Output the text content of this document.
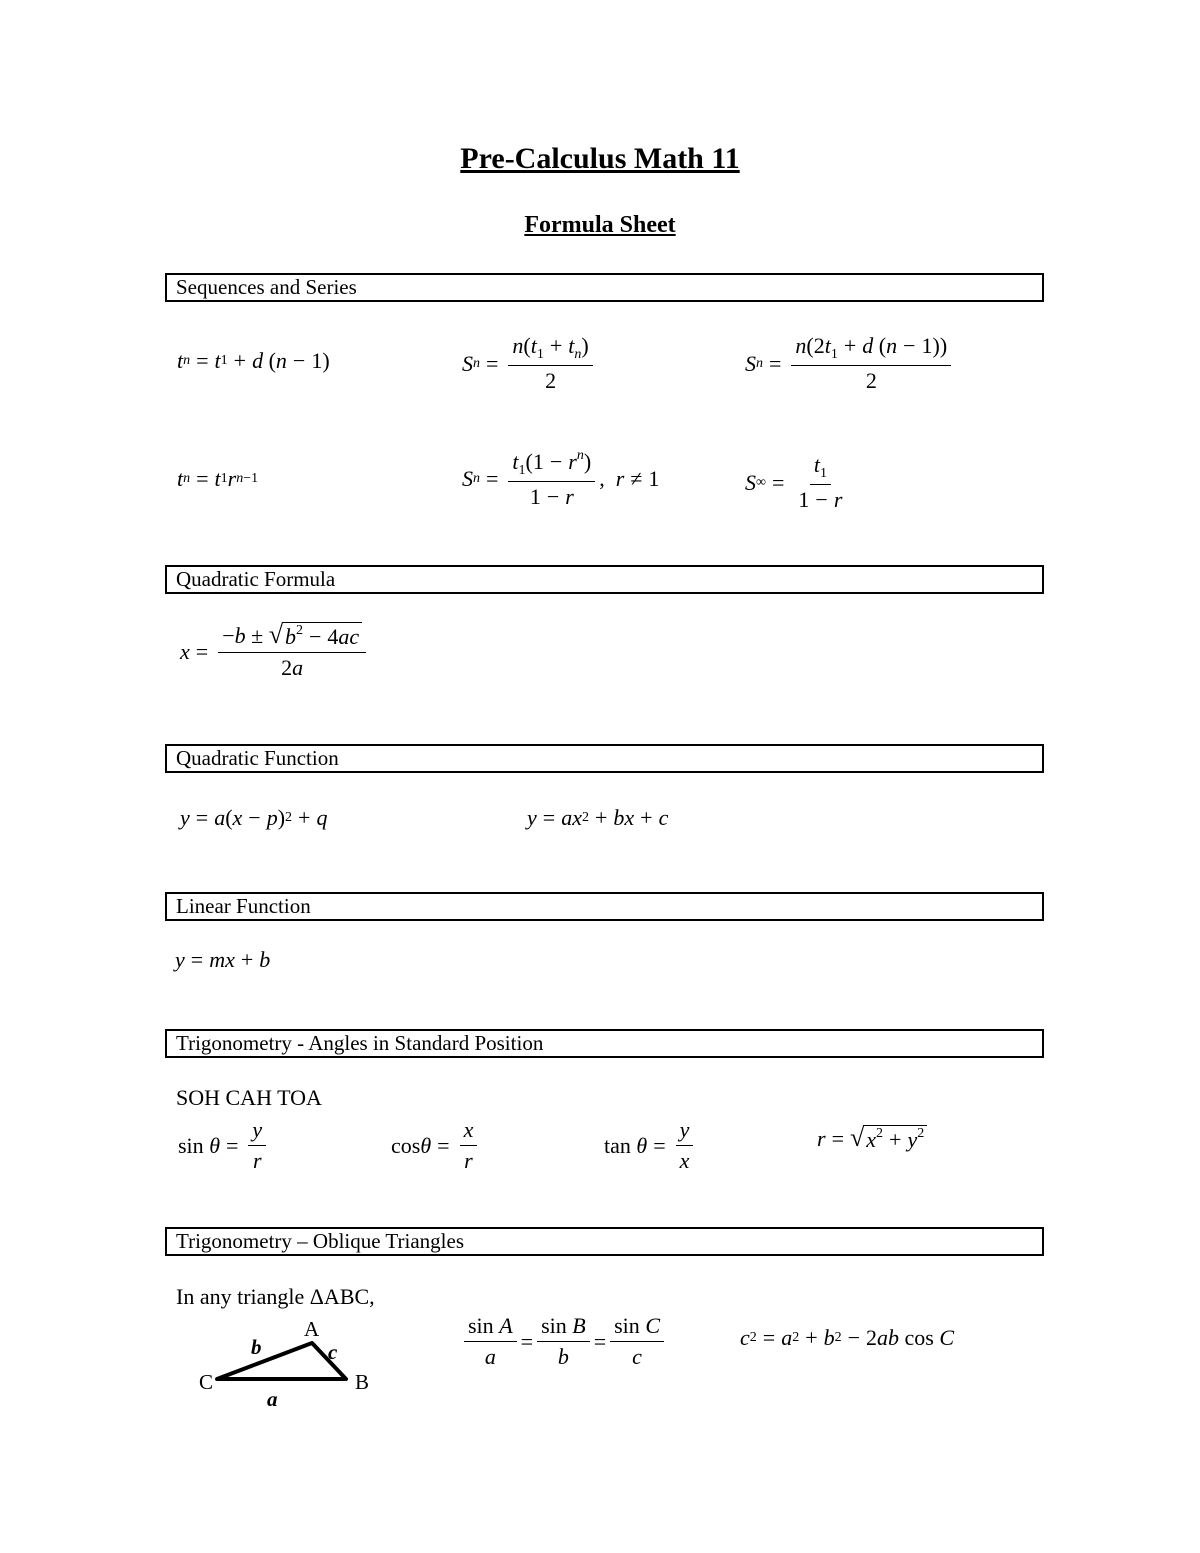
Pre-Calculus Math 11
Formula Sheet
Sequences and Series
t n = t 1 + d ( n − 1)	S $n = \frac{n(t_1 + t_n)}{2}$	S $n = \frac{n(2t_1 + d (n - 1))}{2}$
t n = t 1 r n −1	S $n = \frac{t_1(1 - r^n)}{1 - r}$ , r ≠ 1	S ∞ = $\frac{t_1}{1 - r}$
Quadratic Formula
$x = \frac{-b \pm √ b^2 - 4ac}{2a}$
Quadratic Function
y = a ( x − p ) 2 + q	y = ax 2 + bx + c
Linear Function
y = mx + b
Trigonometry - Angles in Standard Position
SOH CAH TOA
$\sin \theta = \frac{y}{r}$	$\cos \theta = \frac{x}{r}$	$\tan \theta = \frac{y}{x}$	r = √ $x^2 + y^2$
Trigonometry – Oblique Triangles
In any triangle ΔABC,
A
B
C
a
b	c	$\frac{\text{sin A}}{a} = \frac{\text{sin B}}{b} = \frac{\text{sin C}}{c}$	c 2 = a 2 + b 2 − 2 ab cos C
